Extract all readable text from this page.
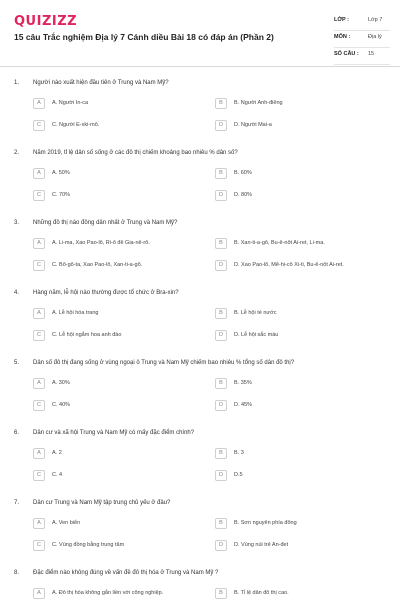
QUIZIZZ
15 câu Trắc nghiệm Địa lý 7 Cánh diều Bài 18 có đáp án (Phần 2)
LỚP :	Lớp 7
MÔN :	Địa lý
SỐ CÂU : 15
1. Người nào xuất hiện đầu tiên ở Trung và Nam Mỹ?
A	A. Người In-ca	B	B. Người Anh-điêng
C	C. Người E-xki-mô.	D	D. Người Mai-a
2. Năm 2019, tỉ lệ dân số sống ở các đô thị chiếm khoảng bao nhiêu % dân số?
A	A. 50%	B	B. 60%
C	C. 70%	D	D. 80%
3. Những đô thị nào đông dân nhất ở Trung và Nam Mỹ?
A	A. Li-ma, Xao Pao-lô, Ri-ô đê Gia-nê-rô.	B	B. Xan-ti-a-gô, Bu-ê-nôt Ai-ret, Li-ma.
C	C. Bô-gô-ta, Xao Pao-lô, Xan-ti-a-gô.	D	D. Xao Pao-lô, Mê-hi-cô Xi-ti, Bu-ê-nôt Ai-ret.
4. Hàng năm, lễ hội nào thường được tổ chức ở Bra-xin?
A	A. Lễ hội hóa trang	B	B. Lễ hội té nước
C	C. Lễ hội ngắm hoa anh đào	D	D. Lễ hội sắc màu
5. Dân số đô thị đang sống ở vùng ngoại ô Trung và Nam Mỹ chiếm bao nhiêu % tổng số dân đô thị?
A	A. 30%	B	B. 35%
C	C. 40%	D	D. 45%
6. Dân cư và xã hội Trung và Nam Mỹ có mấy đặc điểm chính?
A	A. 2	B	B. 3
C	C. 4	D	D.5
7. Dân cư Trung và Nam Mỹ tập trung chủ yếu ở đâu?
A	A. Ven biển	B	B. Sơn nguyên phía đông
C	C. Vùng đồng bằng trung tâm	D	D. Vùng núi trẻ An-đet
8. Đặc điểm nào không đúng về vấn đề đô thị hóa ở Trung và Nam Mỹ ?
A	A. Đô thị hóa không gắn liền với công nghiệp.	B	B. Tỉ lệ dân đô thị cao.
